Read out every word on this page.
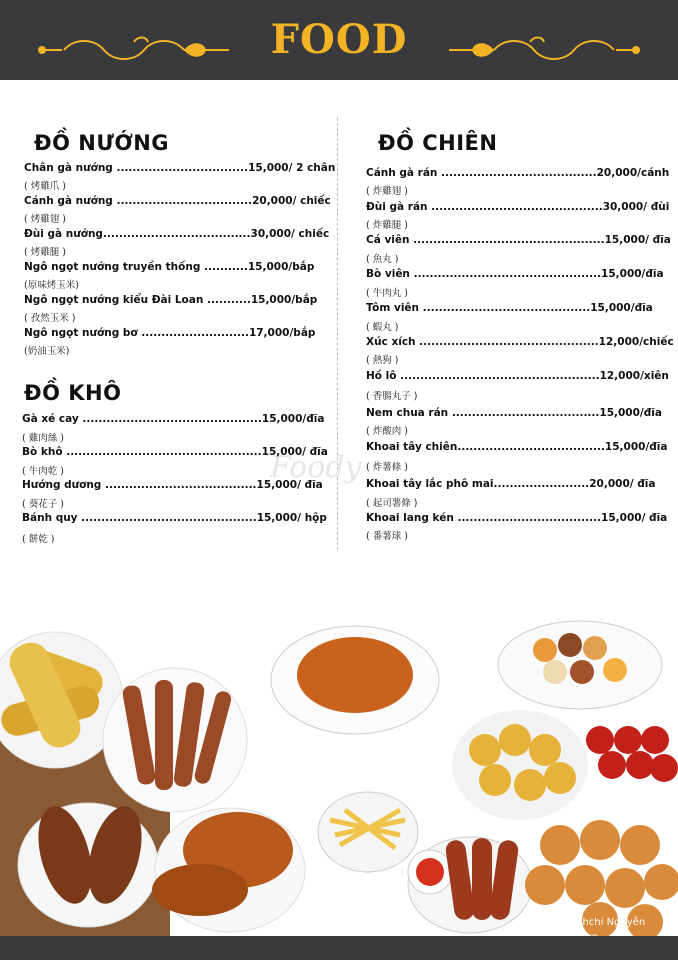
FOOD
Foody
ĐỒ NƯỚNG
Chân gà nướng .................................15,000/ 2 chân
( 烤雞爪 )
Cánh gà nướng ..................................20,000/ chiếc
( 烤雞翅 )
Đùi gà nướng.....................................30,000/ chiếc
( 烤雞腿 )
Ngô ngọt nướng truyền thống ...........15,000/bắp
(原味烤玉米)
Ngô ngọt nướng kiểu Đài Loan ...........15,000/bắp
( 孜然玉米 )
Ngô ngọt nướng bơ ...........................17,000/bắp
(奶油玉米)
ĐỒ KHÔ
Gà xé cay .............................................15,000/đĩa
( 雞肉絲 )
Bò khô .................................................15,000/ đĩa
( 牛肉乾 )
Hướng dương ......................................15,000/ đĩa
( 葵花子 )
Bánh quy ............................................15,000/ hộp
( 餅乾 )
ĐỒ CHIÊN
Cánh gà rán .......................................20,000/cánh
( 炸雞翅 )
Đùi gà rán ...........................................30,000/ đùi
( 炸雞腿 )
Cá viên ................................................15,000/ đĩa
( 魚丸 )
Bò viên ...............................................15,000/đĩa
( 牛肉丸 )
Tôm viên ..........................................15,000/đĩa
( 蝦丸 )
Xúc xích .............................................12,000/chiếc
( 熱狗 )
Hồ lô ..................................................12,000/xiên
( 香腸丸子 )
Nem chua rán .....................................15,000/đĩa
( 炸酸肉 )
Khoai tây chiên.....................................15,000/đĩa
( 炸薯條 )
Khoai tây lắc phô mai........................20,000/ đĩa
( 起司薯條 )
Khoai lang kén ....................................15,000/ đĩa
( 番薯球 )
Quỳnhchi Nguyễn
